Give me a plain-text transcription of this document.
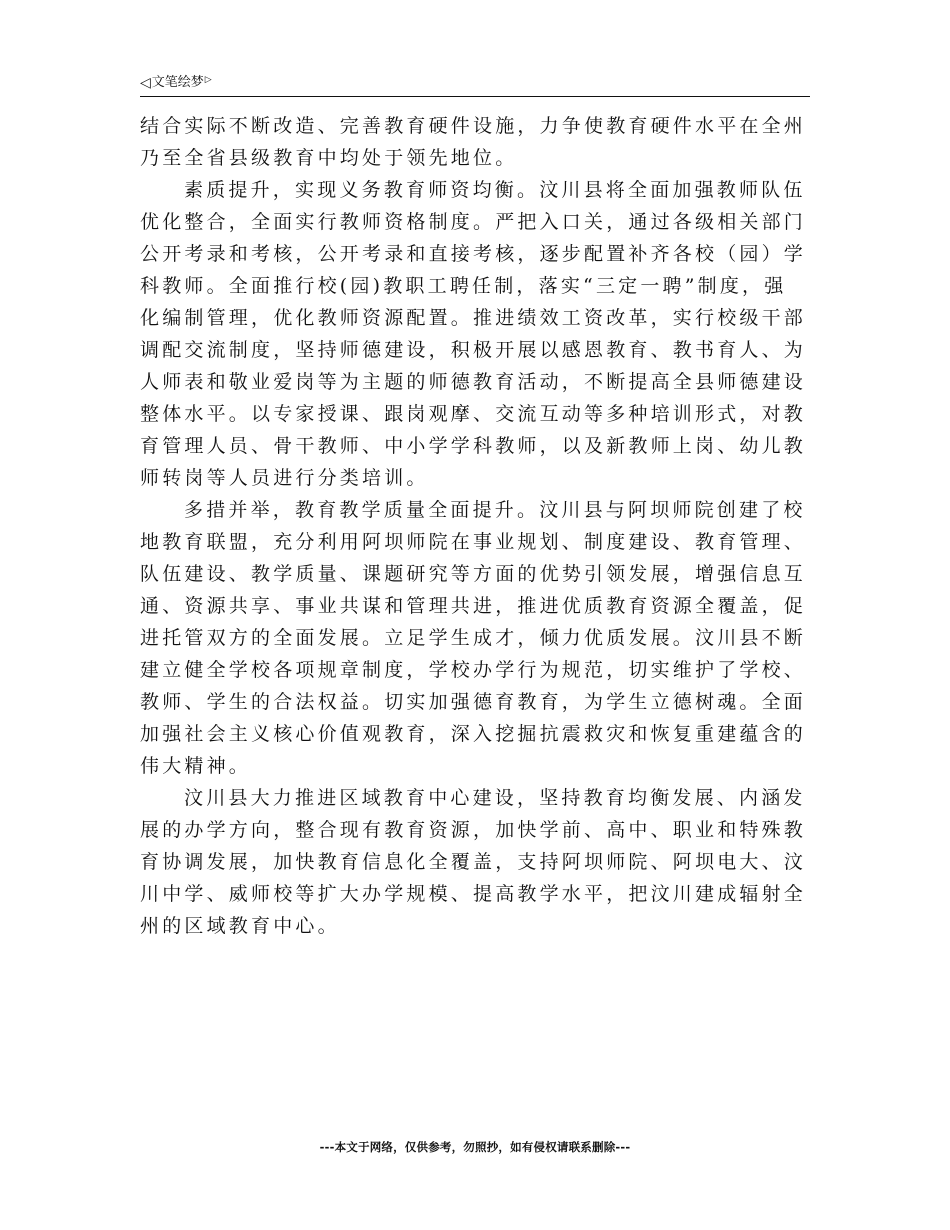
◁ 文笔绘梦 ▷
结合实际不断改造、完善教育硬件设施，力争使教育硬件水平在全州
乃至全省县级教育中均处于领先地位。
素质提升，实现义务教育师资均衡。汶川县将全面加强教师队伍
优化整合，全面实行教师资格制度。严把入口关，通过各级相关部门
公开考录和考核，公开考录和直接考核，逐步配置补齐各校（园）学
科教师。全面推行校(园)教职工聘任制，落实“三定一聘”制度，强
化编制管理，优化教师资源配置。推进绩效工资改革，实行校级干部
调配交流制度，坚持师德建设，积极开展以感恩教育、教书育人、为
人师表和敬业爱岗等为主题的师德教育活动，不断提高全县师德建设
整体水平。以专家授课、跟岗观摩、交流互动等多种培训形式，对教
育管理人员、骨干教师、中小学学科教师，以及新教师上岗、幼儿教
师转岗等人员进行分类培训。
多措并举，教育教学质量全面提升。汶川县与阿坝师院创建了校
地教育联盟，充分利用阿坝师院在事业规划、制度建设、教育管理、
队伍建设、教学质量、课题研究等方面的优势引领发展，增强信息互
通、资源共享、事业共谋和管理共进，推进优质教育资源全覆盖，促
进托管双方的全面发展。立足学生成才，倾力优质发展。汶川县不断
建立健全学校各项规章制度，学校办学行为规范，切实维护了学校、
教师、学生的合法权益。切实加强德育教育，为学生立德树魂。全面
加强社会主义核心价值观教育，深入挖掘抗震救灾和恢复重建蕴含的
伟大精神。
汶川县大力推进区域教育中心建设，坚持教育均衡发展、内涵发
展的办学方向，整合现有教育资源，加快学前、高中、职业和特殊教
育协调发展，加快教育信息化全覆盖，支持阿坝师院、阿坝电大、汶
川中学、威师校等扩大办学规模、提高教学水平，把汶川建成辐射全
州的区域教育中心。
---本文于网络，仅供参考，勿照抄，如有侵权请联系删除---
